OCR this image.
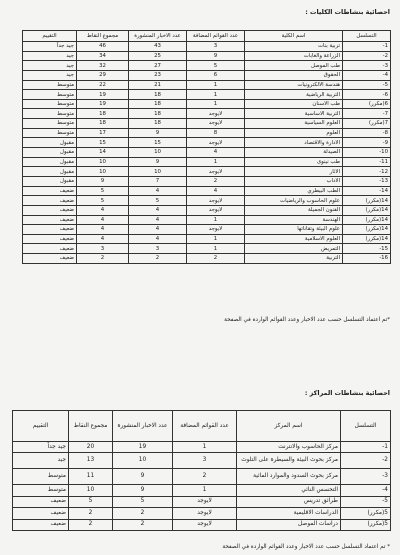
احصائية بنشاطات الكليات :
التسلسل	اسم الكلية	عدد القوائم المضافة	عدد الاخبار المنشورة	مجموع النقاط	التقييم
1-	تربية بنات	3	43	46	جيد جداً
2-	الزراعة والغابات	9	25	34	جيد
3-	طب الموصل	5	27	32	جيد
4-	الحقوق	6	23	29	جيد
5-	هندسة الالكترونيات	1	21	22	متوسط
6-	التربية الرياضية	1	18	19	متوسط
6(مكرر)	طب الاسنان	1	18	19	متوسط
7-	التربية الاساسية	لايوجد	18	18	متوسط
7(مكرر)	العلوم السياسية	لايوجد	18	18	متوسط
8-	العلوم	8	9	17	متوسط
9-	الادارة والاقتصاد	لايوجد	15	15	مقبول
10-	الصيدلة	4	10	14	مقبول
11-	طب نينوى	1	9	10	مقبول
12-	الاثار	لايوجد	10	10	مقبول
13-	الاداب	2	7	9	مقبول
14-	الطب البيطري	4	4	5	ضعيف
14(مكرر)	علوم الحاسوب والرياضيات	لايوجد	5	5	ضعيف
14(مكرر)	الفنون الجميلة	لايوجد	4	4	ضعيف
14(مكرر)	الهندسة	1	4	4	ضعيف
14(مكرر)	علوم البيئة وتقاناتها	لايوجد	4	4	ضعيف
14(مكرر)	العلوم الاسلامية	1	4	4	ضعيف
15-	التمريض	1	3	3	ضعيف
16-	التربية	2	2	2	ضعيف
*تم اعتماد التسلسل حسب عدد الاخبار وعدد القوائم الواردة في الصفحة
احصائية بنشاطات المراكز :
التسلسل	اسم المركز	عدد القوائم المضافة	عدد الاخبار المنشورة	مجموع النقاط	التقييم
1-	مركز الحاسوب والانترنت	1	19	20	جيد جداً
2-	مركز بحوث البيئة والسيطرة على التلوث	3	10	13	جيد
3-	مركز بحوث السدود والموارد المائية	2	9	11	متوسط
4-	التحسس النائي	1	9	10	متوسط
5-	طرائق تدريس	لايوجد	5	5	ضعيف
5(مكرر)	الدراسات الاقليمية	لايوجد	2	2	ضعيف
5(مكرر)	دراسات الموصل	لايوجد	2	2	ضعيف
* تم اعتماد التسلسل حسب عدد الاخبار وعدد القوائم الواردة في الصفحة
